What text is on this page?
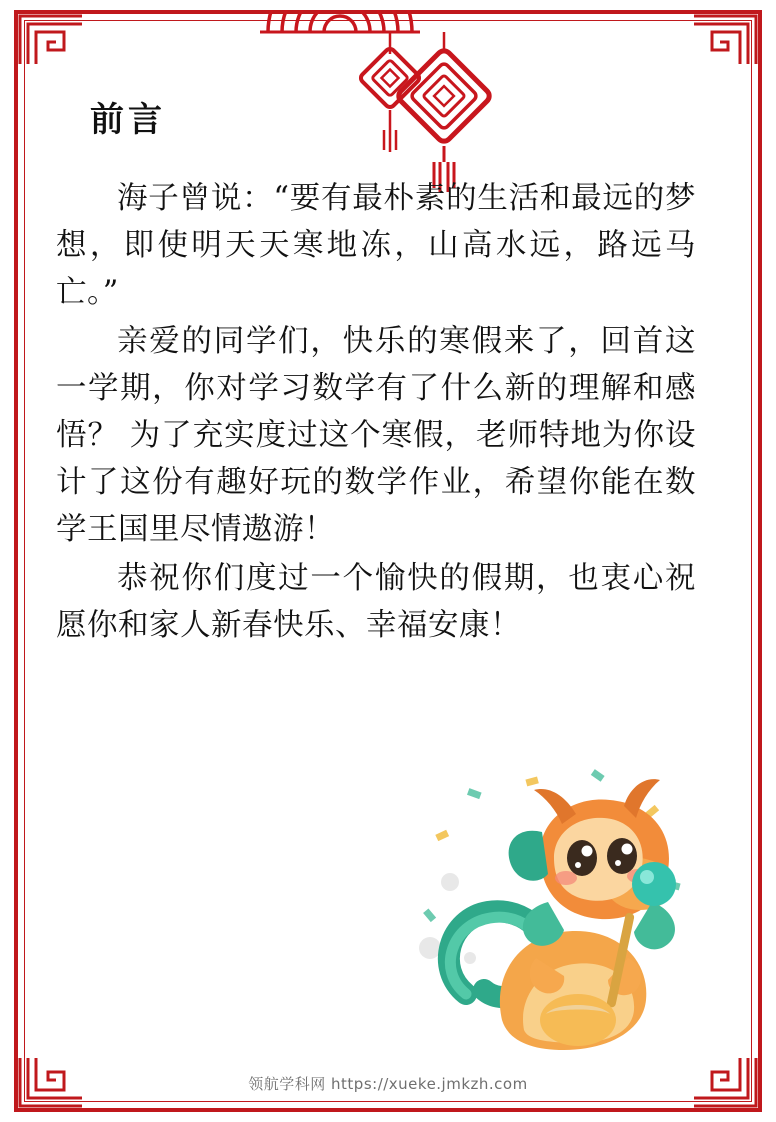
前言

海子曾说：“要有最朴素的生活和最远的梦想，即使明天天寒地冻，山高水远，路远马亡。”

亲爱的同学们，快乐的寒假来了，回首这一学期，你对学习数学有了什么新的理解和感悟？ 为了充实度过这个寒假，老师特地为你设计了这份有趣好玩的数学作业，希望你能在数学王国里尽情遨游！

恭祝你们度过一个愉快的假期，也衷心祝愿你和家人新春快乐、幸福安康！

领航学科网 https://xueke.jmkzh.com
